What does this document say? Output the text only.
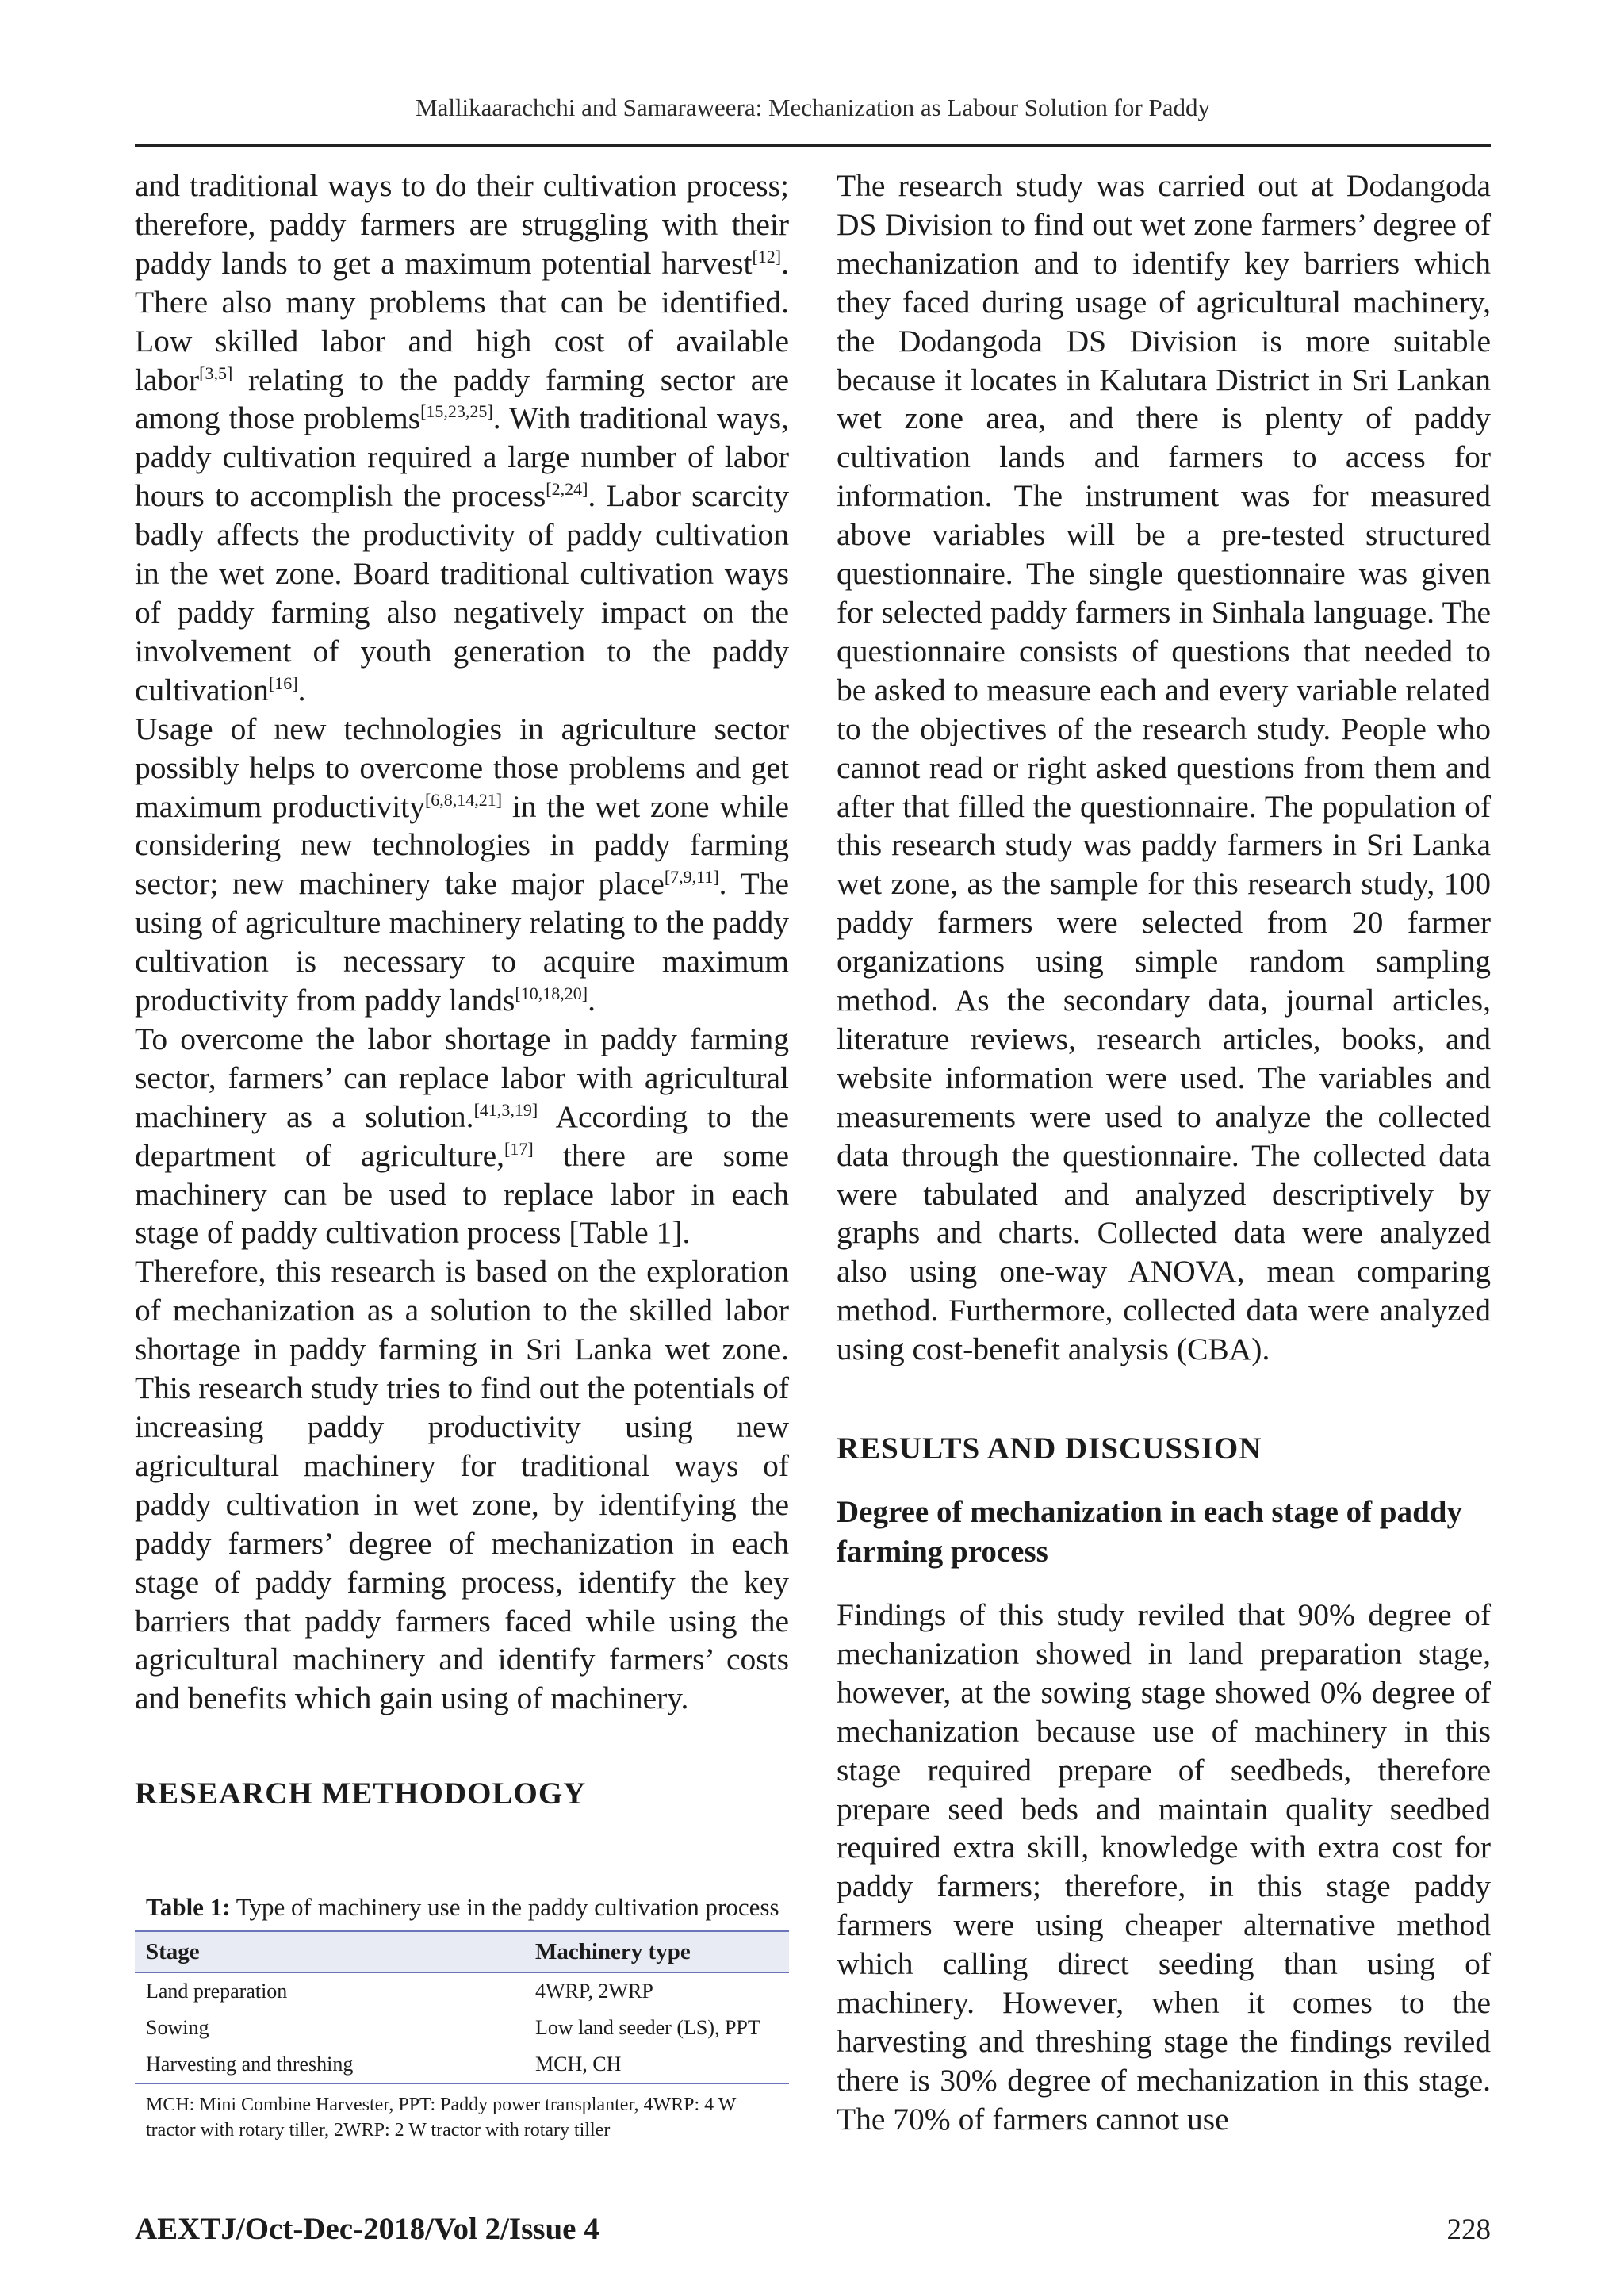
Mallikaarachchi and Samaraweera: Mechanization as Labour Solution for Paddy

and traditional ways to do their cultivation process; therefore, paddy farmers are struggling with their paddy lands to get a maximum potential harvest[12]. There also many problems that can be identified. Low skilled labor and high cost of available labor[3,5] relating to the paddy farming sector are among those problems[15,23,25]. With traditional ways, paddy cultivation required a large number of labor hours to accomplish the process[2,24]. Labor scarcity badly affects the productivity of paddy cultivation in the wet zone. Board traditional cultivation ways of paddy farming also negatively impact on the involvement of youth generation to the paddy cultivation[16].

Usage of new technologies in agriculture sector possibly helps to overcome those problems and get maximum productivity[6,8,14,21] in the wet zone while considering new technologies in paddy farming sector; new machinery take major place[7,9,11]. The using of agriculture machinery relating to the paddy cultivation is necessary to acquire maximum productivity from paddy lands[10,18,20].

To overcome the labor shortage in paddy farming sector, farmers’ can replace labor with agricultural machinery as a solution.[41,3,19] According to the department of agriculture,[17] there are some machinery can be used to replace labor in each stage of paddy cultivation process [Table 1].

Therefore, this research is based on the exploration of mechanization as a solution to the skilled labor shortage in paddy farming in Sri Lanka wet zone. This research study tries to find out the potentials of increasing paddy productivity using new agricultural machinery for traditional ways of paddy cultivation in wet zone, by identifying the paddy farmers’ degree of mechanization in each stage of paddy farming process, identify the key barriers that paddy farmers faced while using the agricultural machinery and identify farmers’ costs and benefits which gain using of machinery.

RESEARCH METHODOLOGY

Table 1: Type of machinery use in the paddy cultivation process
Stage	Machinery type
Land preparation	4WRP, 2WRP
Sowing	Low land seeder (LS), PPT
Harvesting and threshing	MCH, CH
MCH: Mini Combine Harvester, PPT: Paddy power transplanter, 4WRP: 4 W tractor with rotary tiller, 2WRP: 2 W tractor with rotary tiller

The research study was carried out at Dodangoda DS Division to find out wet zone farmers’ degree of mechanization and to identify key barriers which they faced during usage of agricultural machinery, the Dodangoda DS Division is more suitable because it locates in Kalutara District in Sri Lankan wet zone area, and there is plenty of paddy cultivation lands and farmers to access for information. The instrument was for measured above variables will be a pre-tested structured questionnaire. The single questionnaire was given for selected paddy farmers in Sinhala language. The questionnaire consists of questions that needed to be asked to measure each and every variable related to the objectives of the research study. People who cannot read or right asked questions from them and after that filled the questionnaire. The population of this research study was paddy farmers in Sri Lanka wet zone, as the sample for this research study, 100 paddy farmers were selected from 20 farmer organizations using simple random sampling method. As the secondary data, journal articles, literature reviews, research articles, books, and website information were used. The variables and measurements were used to analyze the collected data through the questionnaire. The collected data were tabulated and analyzed descriptively by graphs and charts. Collected data were analyzed also using one-way ANOVA, mean comparing method. Furthermore, collected data were analyzed using cost-benefit analysis (CBA).

RESULTS AND DISCUSSION

Degree of mechanization in each stage of paddy farming process

Findings of this study reviled that 90% degree of mechanization showed in land preparation stage, however, at the sowing stage showed 0% degree of mechanization because use of machinery in this stage required prepare of seedbeds, therefore prepare seed beds and maintain quality seedbed required extra skill, knowledge with extra cost for paddy farmers; therefore, in this stage paddy farmers were using cheaper alternative method which calling direct seeding than using of machinery. However, when it comes to the harvesting and threshing stage the findings reviled there is 30% degree of mechanization in this stage. The 70% of farmers cannot use

AEXTJ/Oct-Dec-2018/Vol 2/Issue 4	228
